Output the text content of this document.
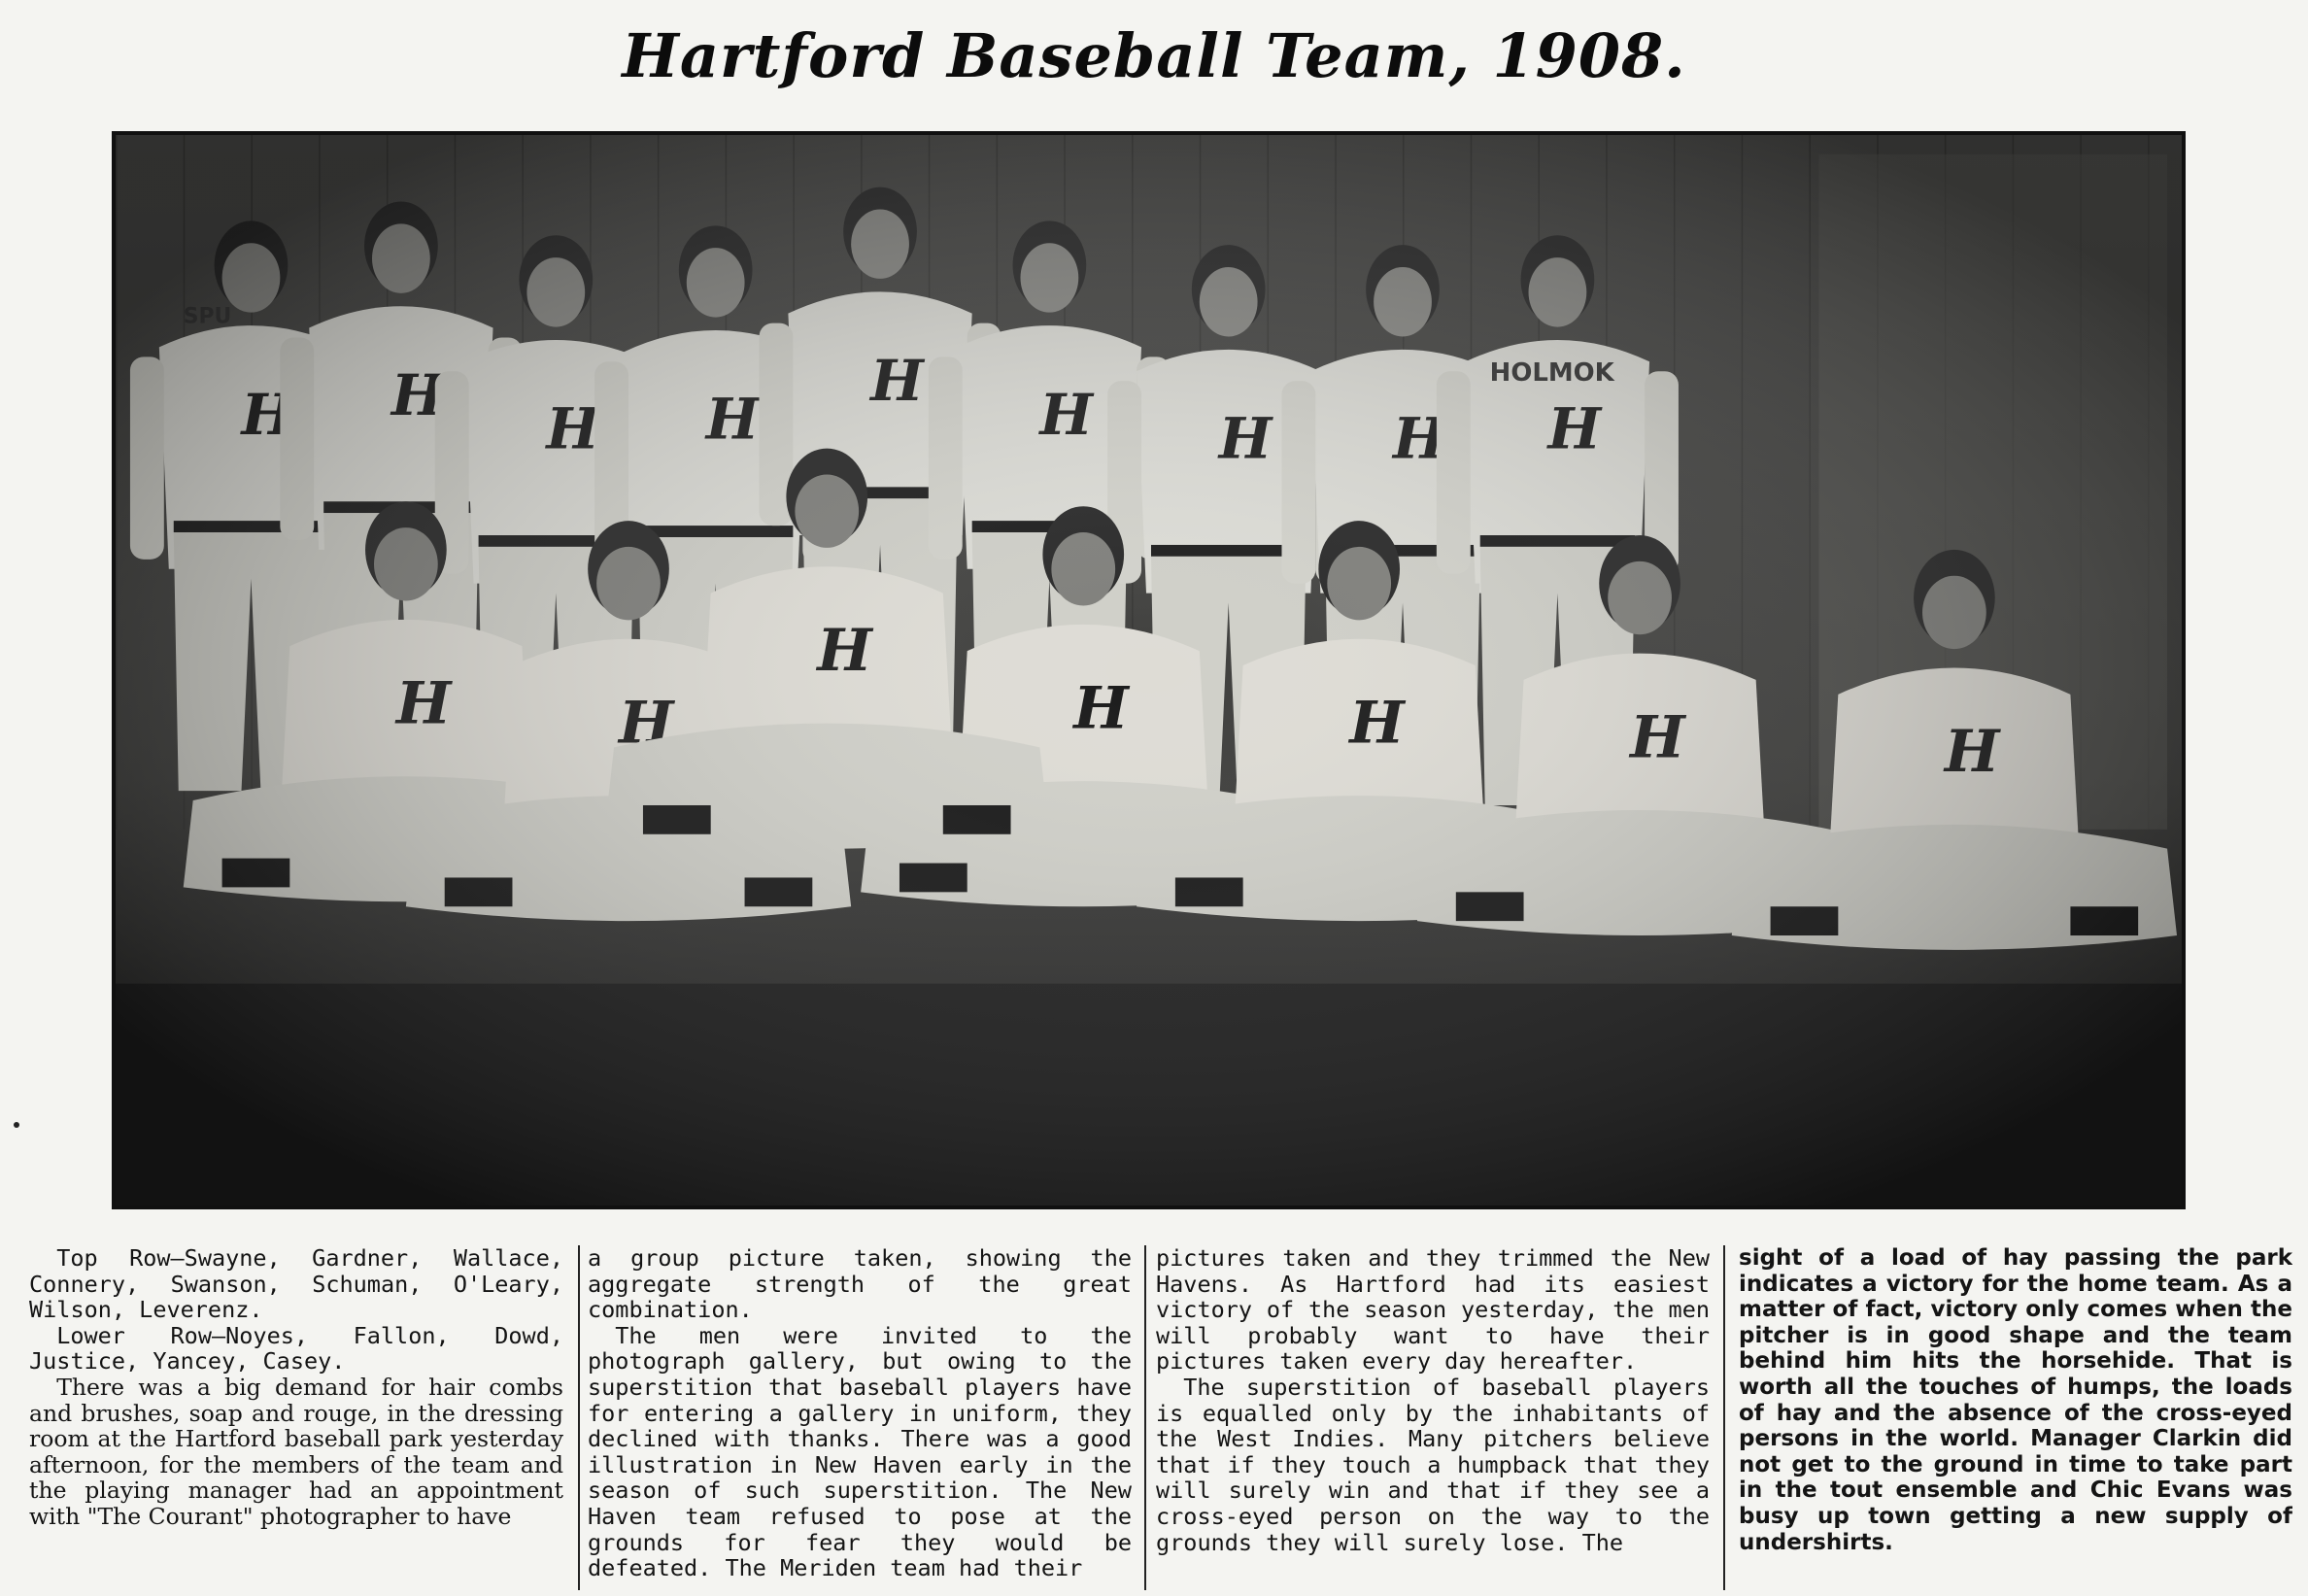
Hartford Baseball Team, 1908.

Top Row—Swayne, Gardner, Wallace, Connery, Swanson, Schuman, O'Leary, Wilson, Leverenz.

Lower Row—Noyes, Fallon, Dowd, Justice, Yancey, Casey.

There was a big demand for hair combs and brushes, soap and rouge, in the dressing room at the Hartford baseball park yesterday afternoon, for the members of the team and the playing manager had an appointment with "The Courant" photographer to have

a group picture taken, showing the aggregate strength of the great combination.

The men were invited to the photograph gallery, but owing to the superstition that baseball players have for entering a gallery in uniform, they declined with thanks. There was a good illustration in New Haven early in the season of such superstition. The New Haven team refused to pose at the grounds for fear they would be defeated. The Meriden team had their

pictures taken and they trimmed the New Havens. As Hartford had its easiest victory of the season yesterday, the men will probably want to have their pictures taken every day hereafter.

The superstition of baseball players is equalled only by the inhabitants of the West Indies. Many pitchers believe that if they touch a humpback that they will surely win and that if they see a cross-eyed person on the way to the grounds they will surely lose. The

sight of a load of hay passing the park indicates a victory for the home team. As a matter of fact, victory only comes when the pitcher is in good shape and the team behind him hits the horsehide. That is worth all the touches of humps, the loads of hay and the absence of the cross-eyed persons in the world. Manager Clarkin did not get to the ground in time to take part in the tout ensemble and Chic Evans was busy up town getting a new supply of undershirts.
